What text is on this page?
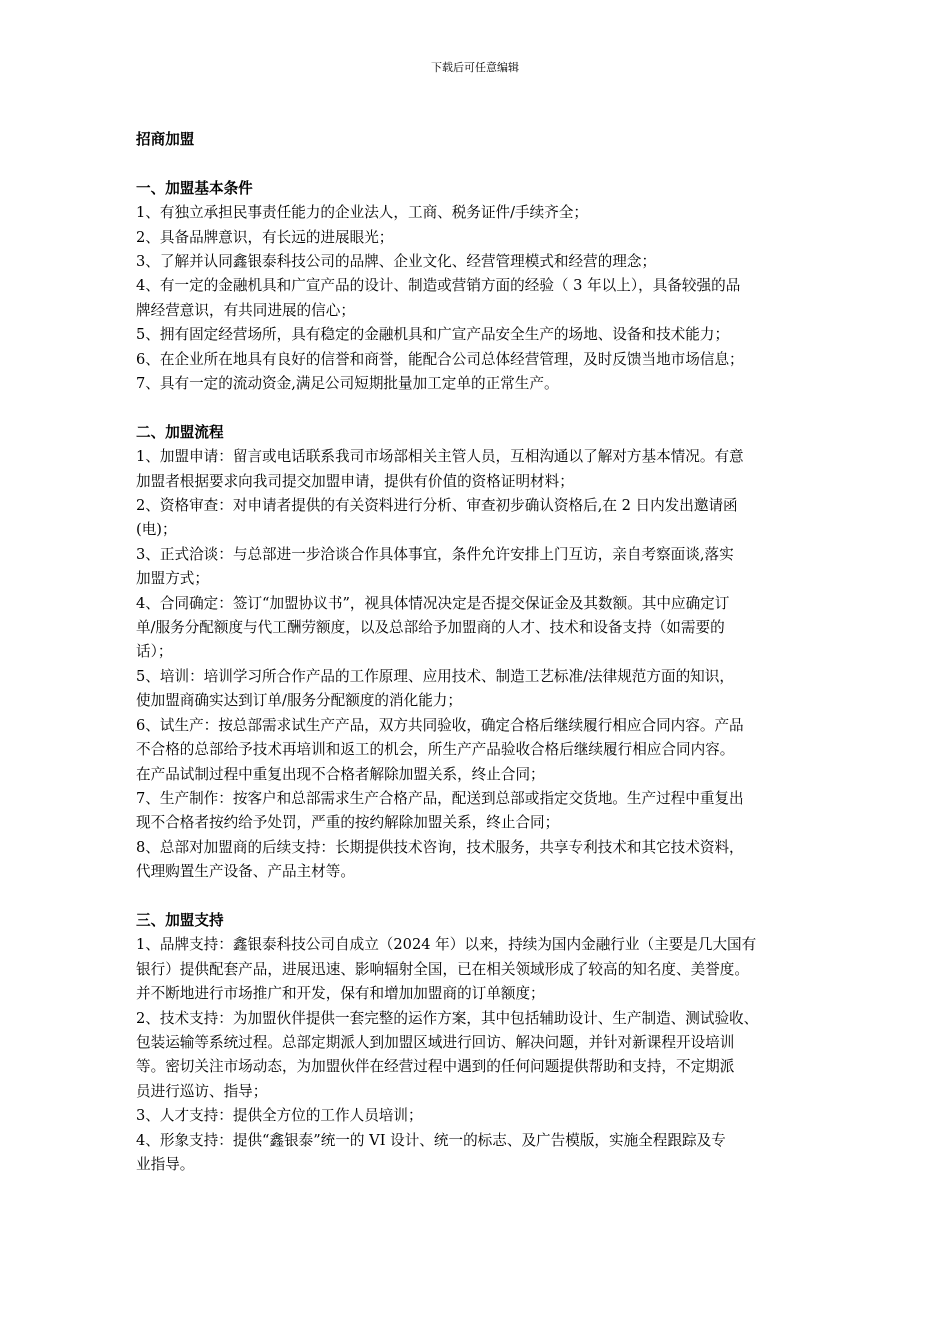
下载后可任意编辑

招商加盟

一、加盟基本条件

1、有独立承担民事责任能力的企业法人，工商、税务证件/手续齐全；

2、具备品牌意识，有长远的进展眼光；

3、了解并认同鑫银泰科技公司的品牌、企业文化、经营管理模式和经营的理念；

4、有一定的金融机具和广宣产品的设计、制造或营销方面的经验（ 3 年以上），具备较强的品
牌经营意识，有共同进展的信心；

5、拥有固定经营场所，具有稳定的金融机具和广宣产品安全生产的场地、设备和技术能力；

6、在企业所在地具有良好的信誉和商誉，能配合公司总体经营管理，及时反馈当地市场信息；

7、具有一定的流动资金,满足公司短期批量加工定单的正常生产。

二、加盟流程

1、加盟申请：留言或电话联系我司市场部相关主管人员，互相沟通以了解对方基本情况。有意
加盟者根据要求向我司提交加盟申请，提供有价值的资格证明材料；

2、资格审查：对申请者提供的有关资料进行分析、审查初步确认资格后,在 2 日内发出邀请函
(电)；

3、正式洽谈：与总部进一步洽谈合作具体事宜，条件允许安排上门互访，亲自考察面谈,落实
加盟方式；

4、合同确定：签订“加盟协议书”，视具体情况决定是否提交保证金及其数额。其中应确定订
单/服务分配额度与代工酬劳额度，以及总部给予加盟商的人才、技术和设备支持（如需要的
话）；

5、培训：培训学习所合作产品的工作原理、应用技术、制造工艺标准/法律规范方面的知识，
使加盟商确实达到订单/服务分配额度的消化能力；

6、试生产：按总部需求试生产产品，双方共同验收，确定合格后继续履行相应合同内容。产品
不合格的总部给予技术再培训和返工的机会，所生产产品验收合格后继续履行相应合同内容。
在产品试制过程中重复出现不合格者解除加盟关系，终止合同；

7、生产制作：按客户和总部需求生产合格产品，配送到总部或指定交货地。生产过程中重复出
现不合格者按约给予处罚，严重的按约解除加盟关系，终止合同；

8、总部对加盟商的后续支持：长期提供技术咨询，技术服务，共享专利技术和其它技术资料，
代理购置生产设备、产品主材等。

三、加盟支持

1、品牌支持：鑫银泰科技公司自成立（2024 年）以来，持续为国内金融行业（主要是几大国有
银行）提供配套产品，进展迅速、影响辐射全国，已在相关领域形成了较高的知名度、美誉度。
并不断地进行市场推广和开发，保有和增加加盟商的订单额度；

2、技术支持：为加盟伙伴提供一套完整的运作方案，其中包括辅助设计、生产制造、测试验收、
包装运输等系统过程。总部定期派人到加盟区域进行回访、解决问题，并针对新课程开设培训
等。密切关注市场动态，为加盟伙伴在经营过程中遇到的任何问题提供帮助和支持，不定期派
员进行巡访、指导；

3、人才支持：提供全方位的工作人员培训；

4、形象支持：提供“鑫银泰”统一的 VI 设计、统一的标志、及广告模版，实施全程跟踪及专
业指导。
